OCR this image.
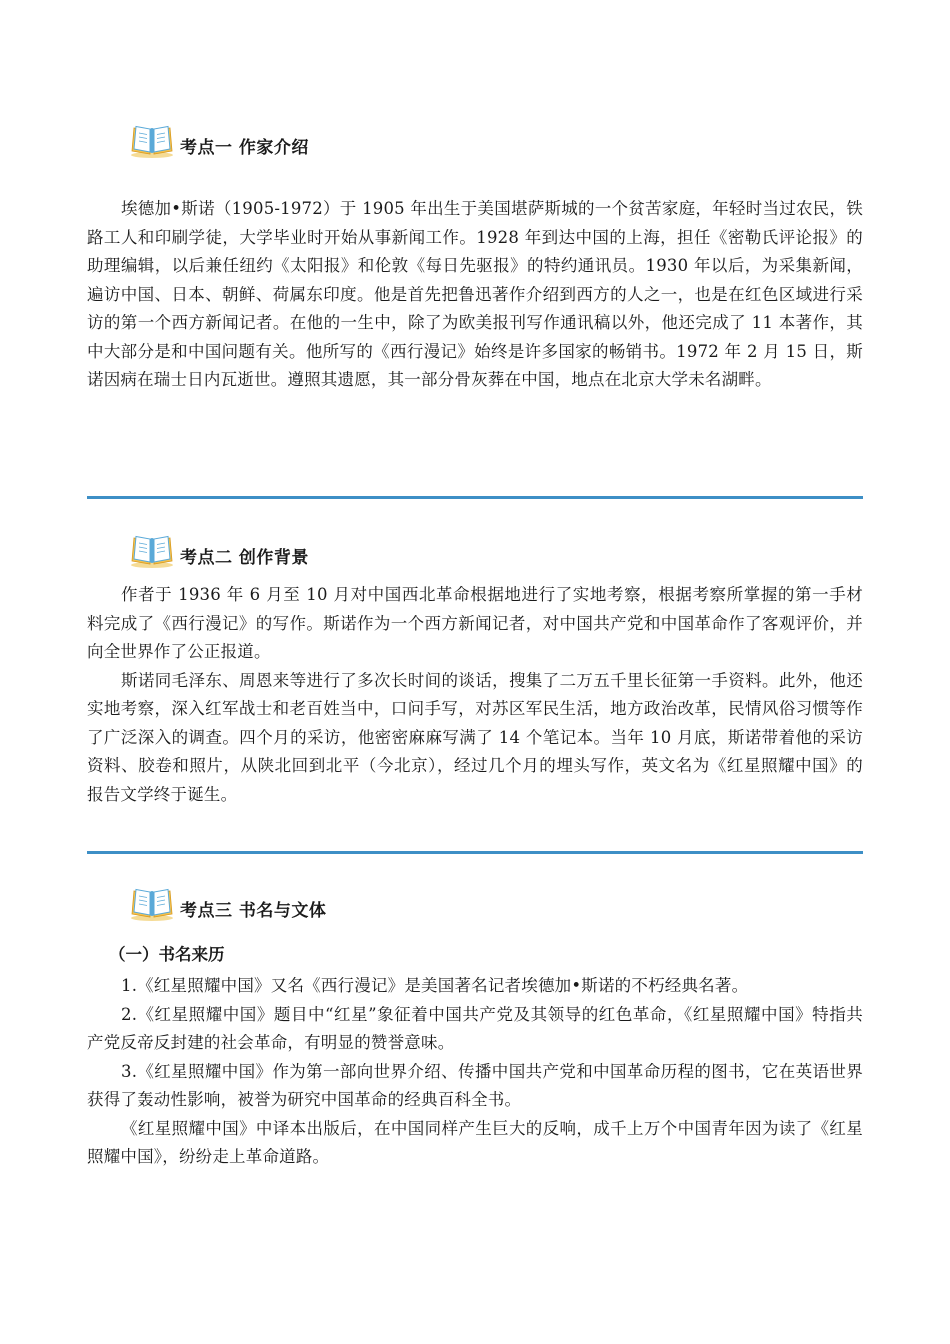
考点一 作家介绍

埃德加•斯诺（1905-1972）于 1905 年出生于美国堪萨斯城的一个贫苦家庭，年轻时当过农民，铁路工人和印刷学徒，大学毕业时开始从事新闻工作。1928 年到达中国的上海，担任《密勒氏评论报》的助理编辑，以后兼任纽约《太阳报》和伦敦《每日先驱报》的特约通讯员。1930 年以后，为采集新闻，遍访中国、日本、朝鲜、荷属东印度。他是首先把鲁迅著作介绍到西方的人之一，也是在红色区域进行采访的第一个西方新闻记者。在他的一生中，除了为欧美报刊写作通讯稿以外，他还完成了 11 本著作，其中大部分是和中国问题有关。他所写的《西行漫记》始终是许多国家的畅销书。1972 年 2 月 15 日，斯诺因病在瑞士日内瓦逝世。遵照其遗愿，其一部分骨灰葬在中国，地点在北京大学未名湖畔。

考点二 创作背景

作者于 1936 年 6 月至 10 月对中国西北革命根据地进行了实地考察，根据考察所掌握的第一手材料完成了《西行漫记》的写作。斯诺作为一个西方新闻记者，对中国共产党和中国革命作了客观评价，并向全世界作了公正报道。

斯诺同毛泽东、周恩来等进行了多次长时间的谈话，搜集了二万五千里长征第一手资料。此外，他还实地考察，深入红军战士和老百姓当中，口问手写，对苏区军民生活，地方政治改革，民情风俗习惯等作了广泛深入的调查。四个月的采访，他密密麻麻写满了 14 个笔记本。当年 10 月底，斯诺带着他的采访资料、胶卷和照片，从陕北回到北平（今北京），经过几个月的埋头写作，英文名为《红星照耀中国》的报告文学终于诞生。

考点三 书名与文体

（一）书名来历

1.《红星照耀中国》又名《西行漫记》是美国著名记者埃德加•斯诺的不朽经典名著。

2.《红星照耀中国》题目中“红星”象征着中国共产党及其领导的红色革命，《红星照耀中国》特指共产党反帝反封建的社会革命，有明显的赞誉意味。

3.《红星照耀中国》作为第一部向世界介绍、传播中国共产党和中国革命历程的图书，它在英语世界获得了轰动性影响，被誉为研究中国革命的经典百科全书。

《红星照耀中国》中译本出版后，在中国同样产生巨大的反响，成千上万个中国青年因为读了《红星照耀中国》，纷纷走上革命道路。
